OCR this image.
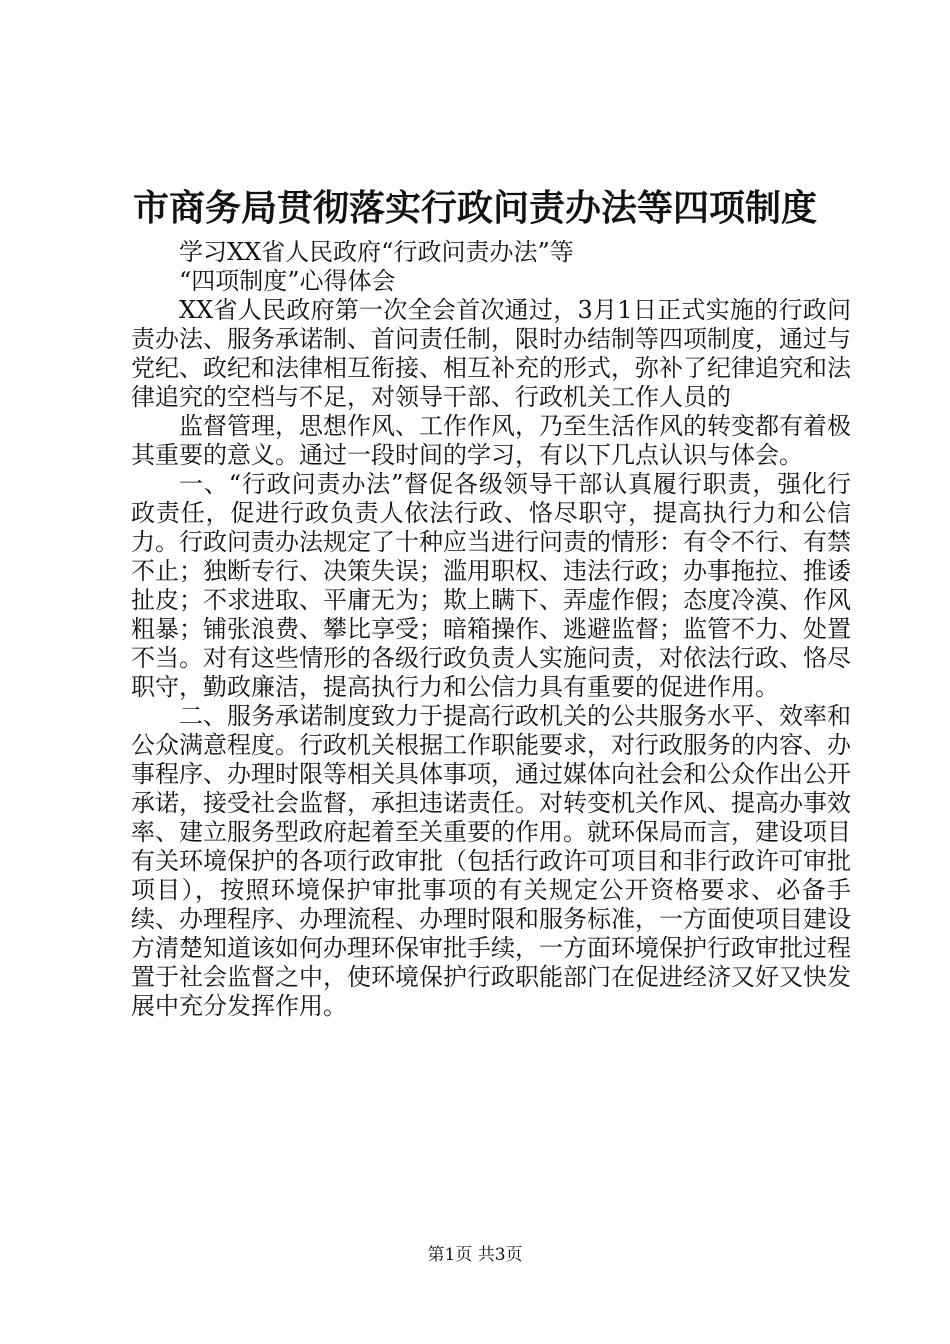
市商务局贯彻落实行政问责办法等四项制度

学习XX省人民政府“行政问责办法”等

“四项制度”心得体会

XX省人民政府第一次全会首次通过，3月1日正式实施的行政问责办法、服务承诺制、首问责任制，限时办结制等四项制度，通过与党纪、政纪和法律相互衔接、相互补充的形式，弥补了纪律追究和法律追究的空档与不足，对领导干部、行政机关工作人员的

监督管理，思想作风、工作作风，乃至生活作风的转变都有着极其重要的意义。通过一段时间的学习，有以下几点认识与体会。

一、“行政问责办法”督促各级领导干部认真履行职责，强化行政责任，促进行政负责人依法行政、恪尽职守，提高执行力和公信力。行政问责办法规定了十种应当进行问责的情形：有令不行、有禁不止；独断专行、决策失误；滥用职权、违法行政；办事拖拉、推诿扯皮；不求进取、平庸无为；欺上瞒下、弄虚作假；态度冷漠、作风粗暴；铺张浪费、攀比享受；暗箱操作、逃避监督；监管不力、处置不当。对有这些情形的各级行政负责人实施问责，对依法行政、恪尽职守，勤政廉洁，提高执行力和公信力具有重要的促进作用。

二、服务承诺制度致力于提高行政机关的公共服务水平、效率和公众满意程度。行政机关根据工作职能要求，对行政服务的内容、办事程序、办理时限等相关具体事项，通过媒体向社会和公众作出公开承诺，接受社会监督，承担违诺责任。对转变机关作风、提高办事效率、建立服务型政府起着至关重要的作用。就环保局而言，建设项目有关环境保护的各项行政审批（包括行政许可项目和非行政许可审批项目），按照环境保护审批事项的有关规定公开资格要求、必备手续、办理程序、办理流程、办理时限和服务标准，一方面使项目建设方清楚知道该如何办理环保审批手续，一方面环境保护行政审批过程置于社会监督之中，使环境保护行政职能部门在促进经济又好又快发展中充分发挥作用。

第1页 共3页
